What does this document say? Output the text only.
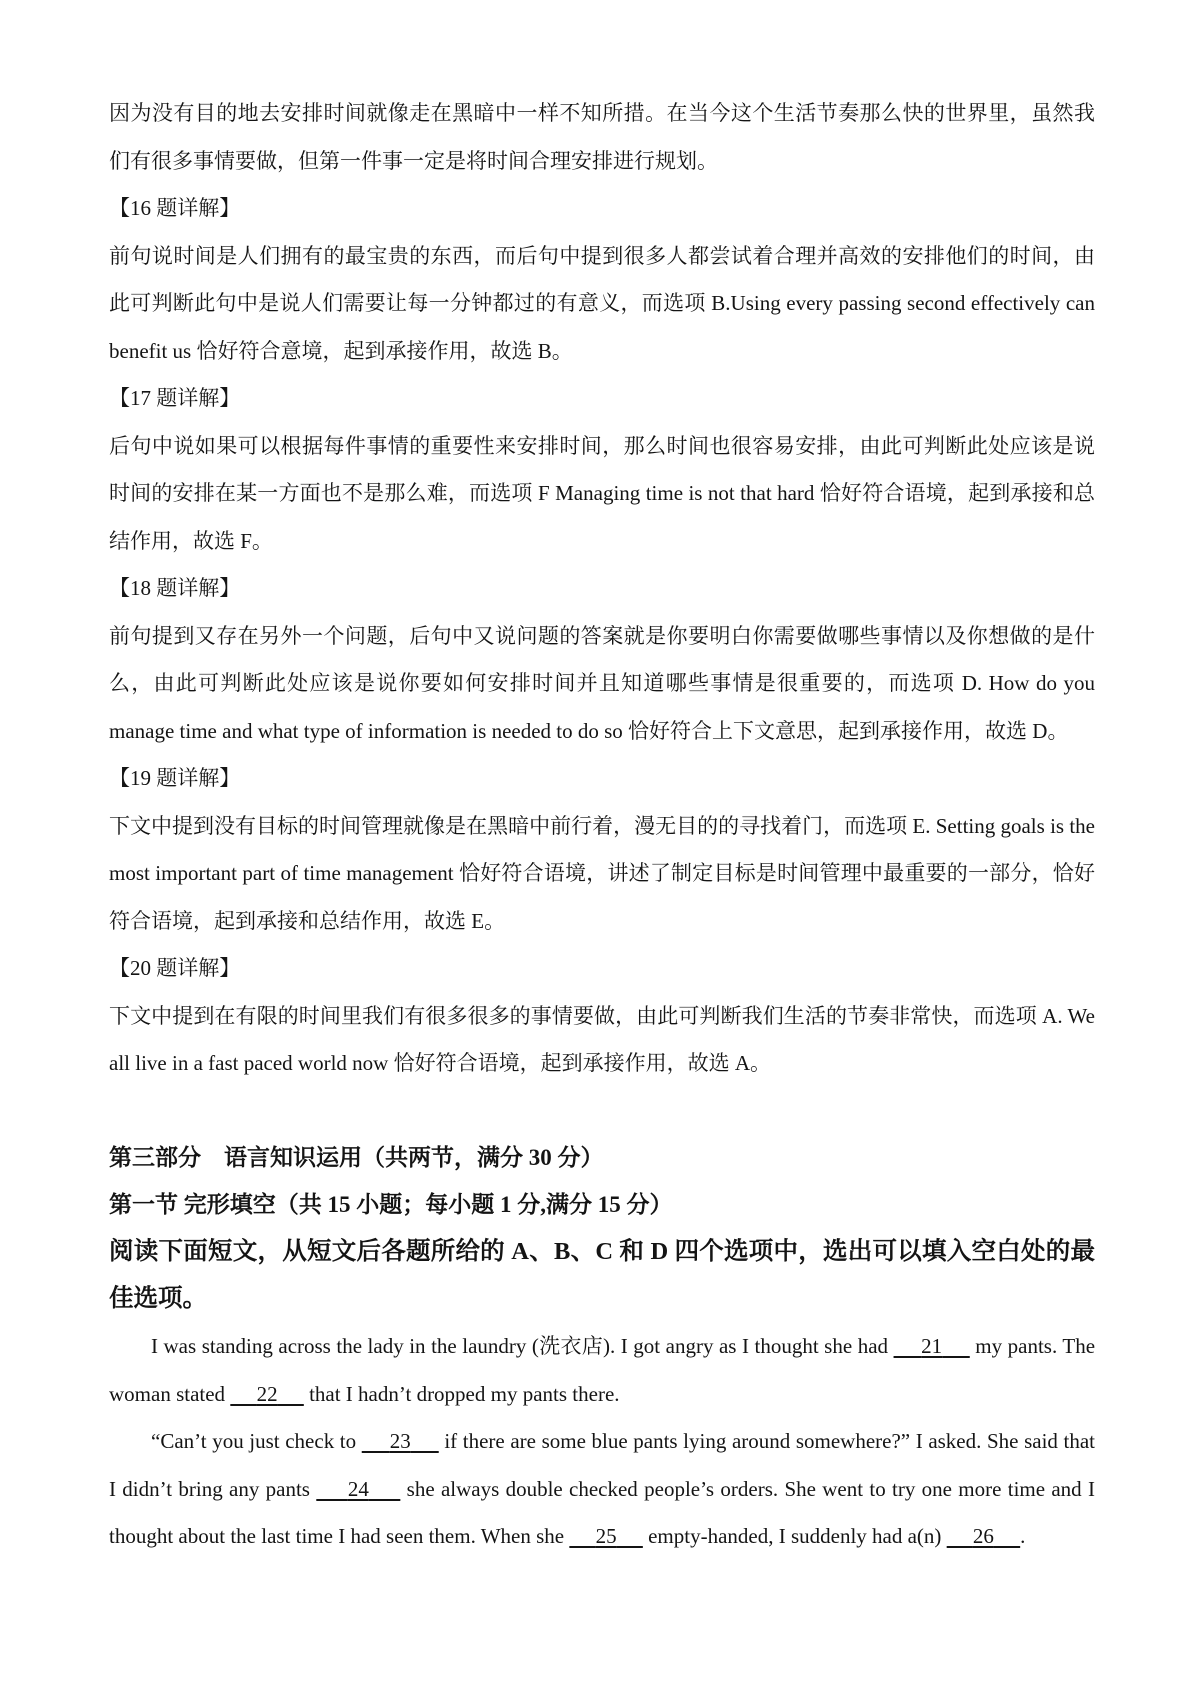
因为没有目的地去安排时间就像走在黑暗中一样不知所措。在当今这个生活节奏那么快的世界里，虽然我们有很多事情要做，但第一件事一定是将时间合理安排进行规划。

【16 题详解】

前句说时间是人们拥有的最宝贵的东西，而后句中提到很多人都尝试着合理并高效的安排他们的时间，由此可判断此句中是说人们需要让每一分钟都过的有意义，而选项 B.Using every passing second effectively can benefit us 恰好符合意境，起到承接作用，故选 B。

【17 题详解】

后句中说如果可以根据每件事情的重要性来安排时间，那么时间也很容易安排，由此可判断此处应该是说时间的安排在某一方面也不是那么难，而选项 F Managing time is not that hard 恰好符合语境，起到承接和总结作用，故选 F。

【18 题详解】

前句提到又存在另外一个问题，后句中又说问题的答案就是你要明白你需要做哪些事情以及你想做的是什么，由此可判断此处应该是说你要如何安排时间并且知道哪些事情是很重要的，而选项 D. How do you manage time and what type of information is needed to do so 恰好符合上下文意思，起到承接作用，故选 D。

【19 题详解】

下文中提到没有目标的时间管理就像是在黑暗中前行着，漫无目的的寻找着门，而选项 E. Setting goals is the most important part of time management 恰好符合语境，讲述了制定目标是时间管理中最重要的一部分，恰好符合语境，起到承接和总结作用，故选 E。

【20 题详解】

下文中提到在有限的时间里我们有很多很多的事情要做，由此可判断我们生活的节奏非常快，而选项 A. We all live in a fast paced world now 恰好符合语境，起到承接作用，故选 A。

第三部分　语言知识运用（共两节，满分 30 分）

第一节 完形填空（共 15 小题；每小题 1 分,满分 15 分）

阅读下面短文，从短文后各题所给的 A、B、C 和 D 四个选项中，选出可以填入空白处的最佳选项。

I was standing across the lady in the laundry (洗衣店). I got angry as I thought she had 21 my pants. The woman stated 22 that I hadn’t dropped my pants there.

“Can’t you just check to 23 if there are some blue pants lying around somewhere?” I asked. She said that I didn’t bring any pants 24 she always double checked people’s orders. She went to try one more time and I thought about the last time I had seen them. When she 25 empty-handed, I suddenly had a(n) 26 .
